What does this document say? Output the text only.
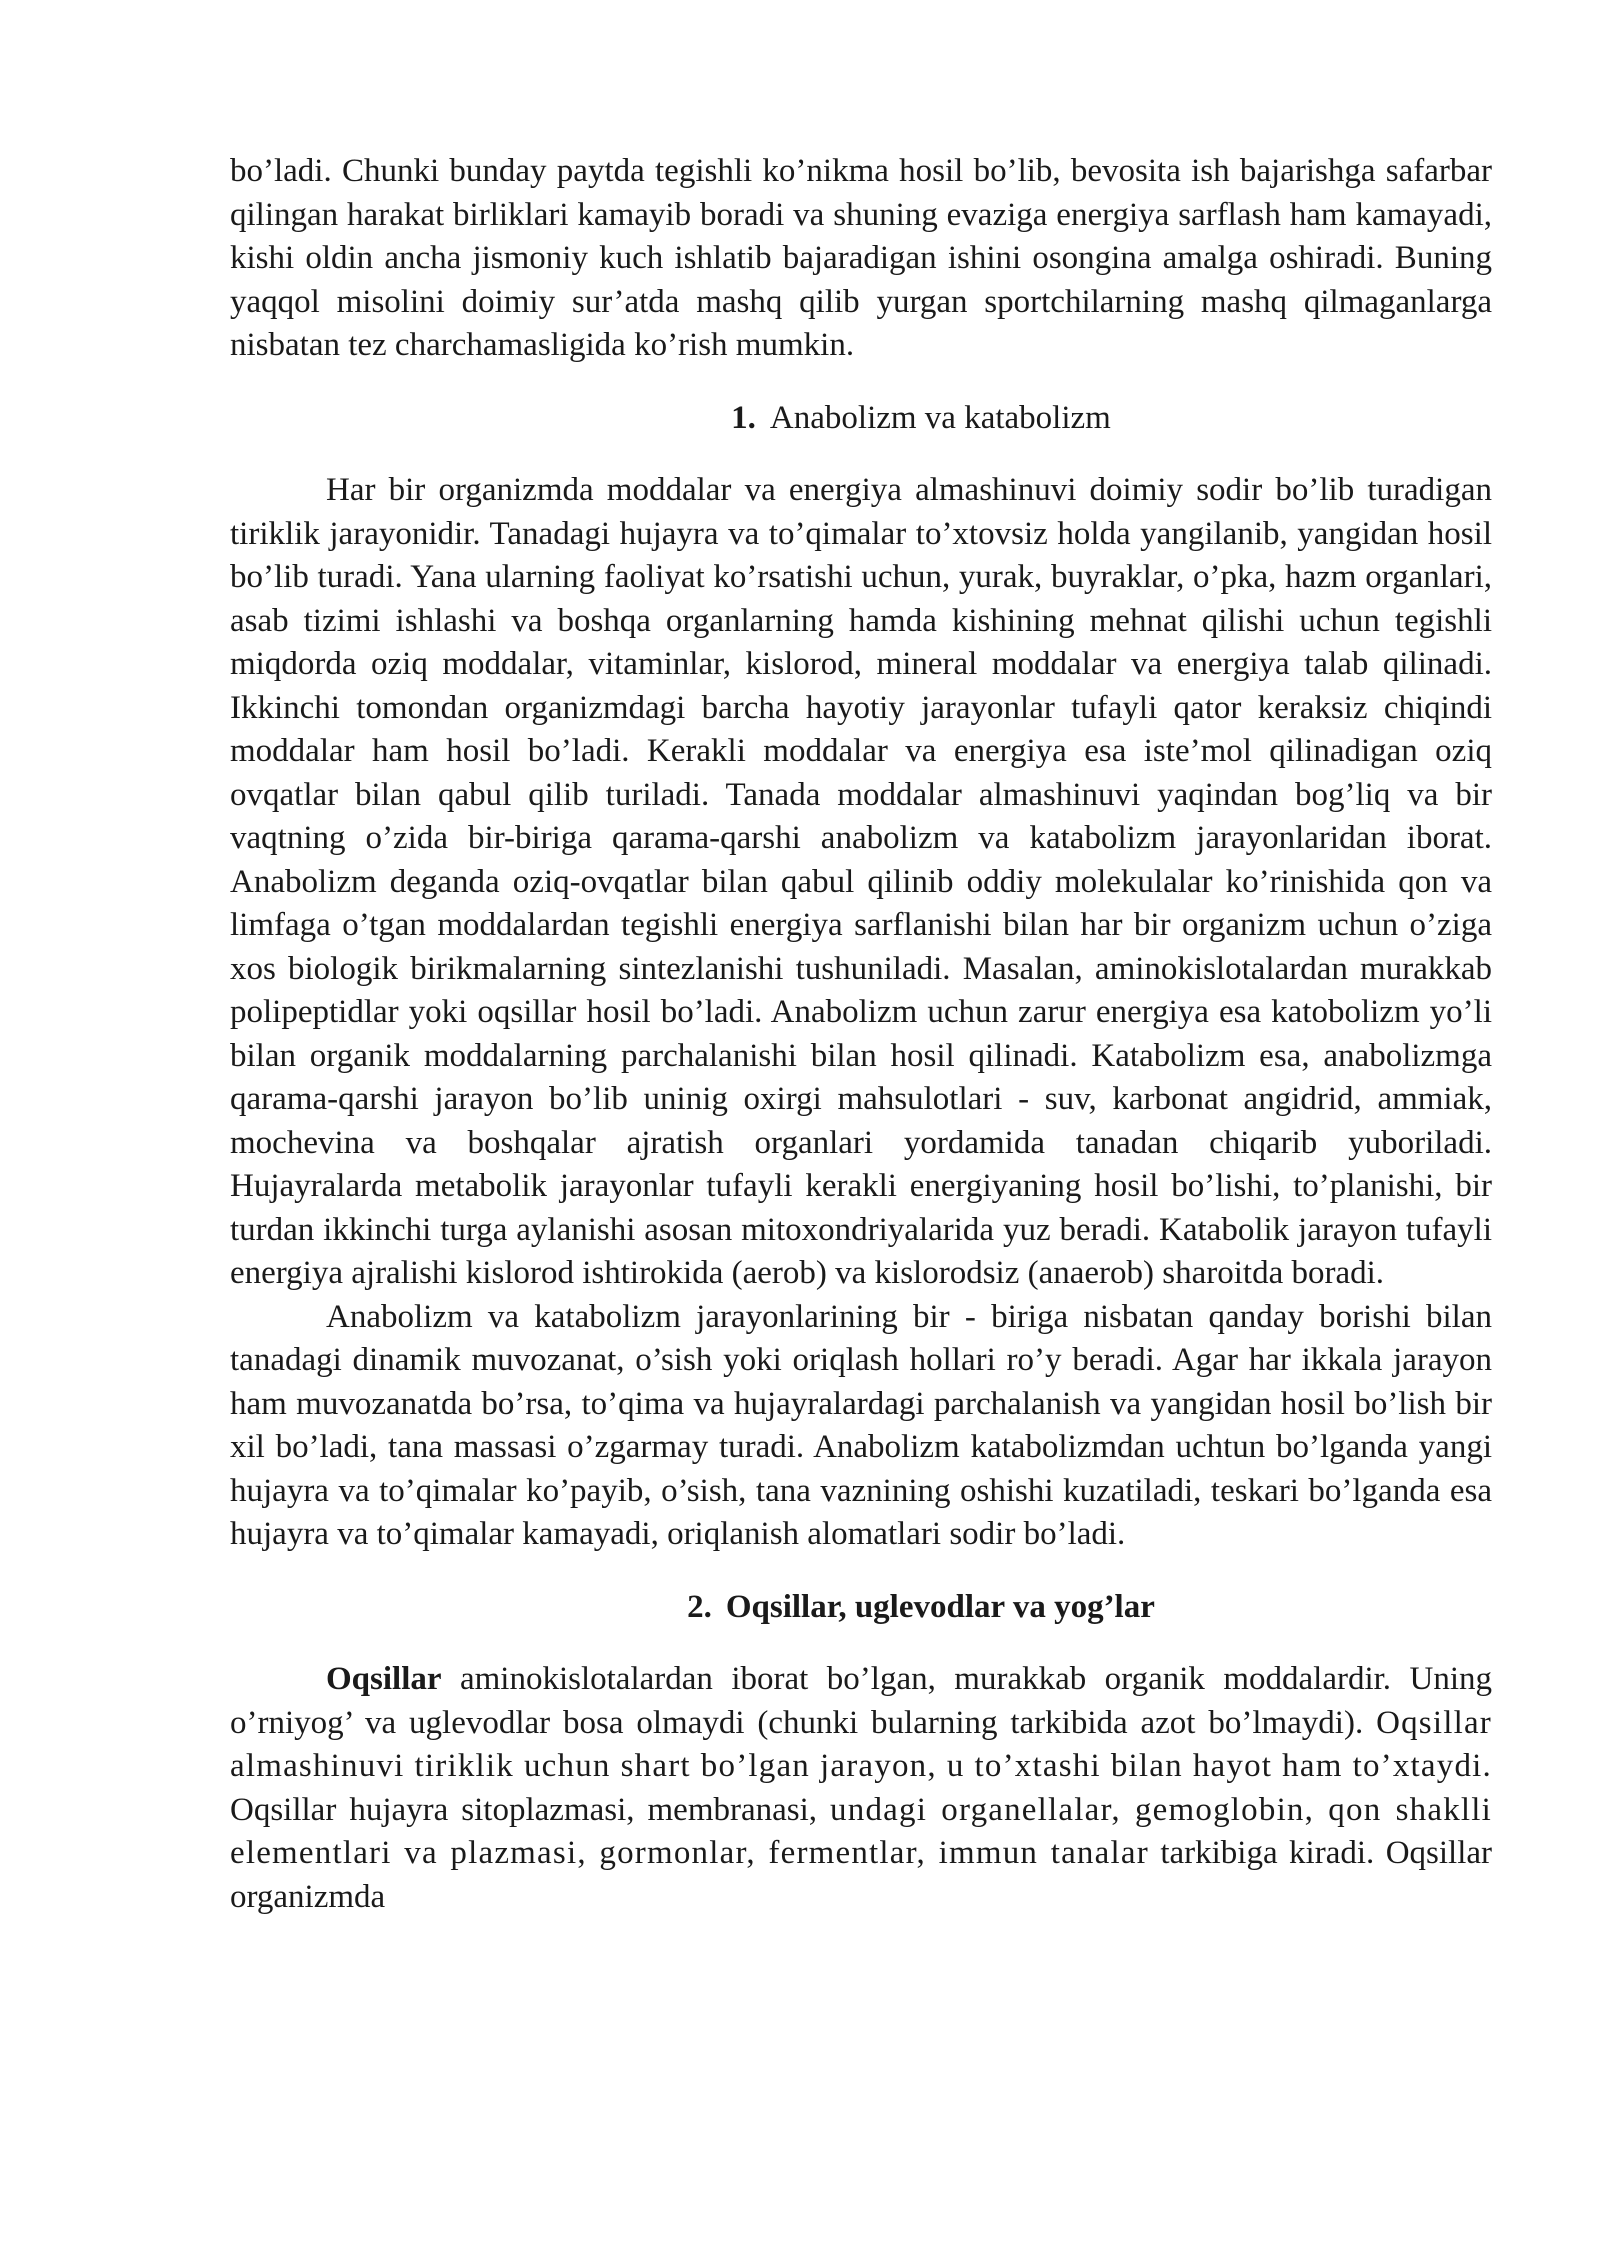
bo’ladi. Chunki bunday paytda tegishli ko’nikma hosil bo’lib, bevosita ish bajarishga safarbar qilingan harakat birliklari kamayib boradi va shuning evaziga energiya sarflash ham kamayadi, kishi oldin ancha jismoniy kuch ishlatib bajaradigan ishini osongina amalga oshiradi. Buning yaqqol misolini doimiy sur’atda mashq qilib yurgan sportchilarning mashq qilmaganlarga nisbatan tez charchamasligida ko’rish mumkin.

1. Anabolizm va katabolizm

Har bir organizmda moddalar va energiya almashinuvi doimiy sodir bo’lib turadigan tiriklik jarayonidir. Tanadagi hujayra va to’qimalar to’xtovsiz holda yangilanib, yangidan hosil bo’lib turadi. Yana ularning faoliyat ko’rsatishi uchun, yurak, buyraklar, o’pka, hazm organlari, asab tizimi ishlashi va boshqa organlarning hamda kishining mehnat qilishi uchun tegishli miqdorda oziq moddalar, vitaminlar, kislorod, mineral moddalar va energiya talab qilinadi. Ikkinchi tomondan organizmdagi barcha hayotiy jarayonlar tufayli qator keraksiz chiqindi moddalar ham hosil bo’ladi. Kerakli moddalar va energiya esa iste’mol qilinadigan oziq ovqatlar bilan qabul qilib turiladi. Tanada moddalar almashinuvi yaqindan bog’liq va bir vaqtning o’zida bir-biriga qarama-qarshi anabolizm va katabolizm jarayonlaridan iborat. Anabolizm deganda oziq-ovqatlar bilan qabul qilinib oddiy molekulalar ko’rinishida qon va limfaga o’tgan moddalardan tegishli energiya sarflanishi bilan har bir organizm uchun o’ziga xos biologik birikmalarning sintezlanishi tushuniladi. Masalan, aminokislotalardan murakkab polipeptidlar yoki oqsillar hosil bo’ladi. Anabolizm uchun zarur energiya esa katobolizm yo’li bilan organik moddalarning parchalanishi bilan hosil qilinadi. Katabolizm esa, anabolizmga qarama-qarshi jarayon bo’lib uninig oxirgi mahsulotlari - suv, karbonat angidrid, ammiak, mochevina va boshqalar ajratish organlari yordamida tanadan chiqarib yuboriladi. Hujayralarda metabolik jarayonlar tufayli kerakli energiyaning hosil bo’lishi, to’planishi, bir turdan ikkinchi turga aylanishi asosan mitoxondriyalarida yuz beradi. Katabolik jarayon tufayli energiya ajralishi kislorod ishtirokida (aerob) va kislorodsiz (anaerob) sharoitda boradi.

Anabolizm va katabolizm jarayonlarining bir - biriga nisbatan qanday borishi bilan tanadagi dinamik muvozanat, o’sish yoki oriqlash hollari ro’y beradi. Agar har ikkala jarayon ham muvozanatda bo’rsa, to’qima va hujayralardagi parchalanish va yangidan hosil bo’lish bir xil bo’ladi, tana massasi o’zgarmay turadi. Anabolizm katabolizmdan uchtun bo’lganda yangi hujayra va to’qimalar ko’payib, o’sish, tana vaznining oshishi kuzatiladi, teskari bo’lganda esa hujayra va to’qimalar kamayadi, oriqlanish alomatlari sodir bo’ladi.

2. Oqsillar, uglevodlar va yog’lar

Oqsillar aminokislotalardan iborat bo’lgan, murakkab organik moddalardir. Uning o’rniyog’ va uglevodlar bosa olmaydi (chunki bularning tarkibida azot bo’lmaydi). Oqsillar almashinuvi tiriklik uchun shart bo’lgan jarayon, u to’xtashi bilan hayot ham to’xtaydi. Oqsillar hujayra sitoplazmasi, membranasi, undagi organellalar, gemoglobin, qon shaklli elementlari va plazmasi, gormonlar, fermentlar, immun tanalar tarkibiga kiradi. Oqsillar organizmda
